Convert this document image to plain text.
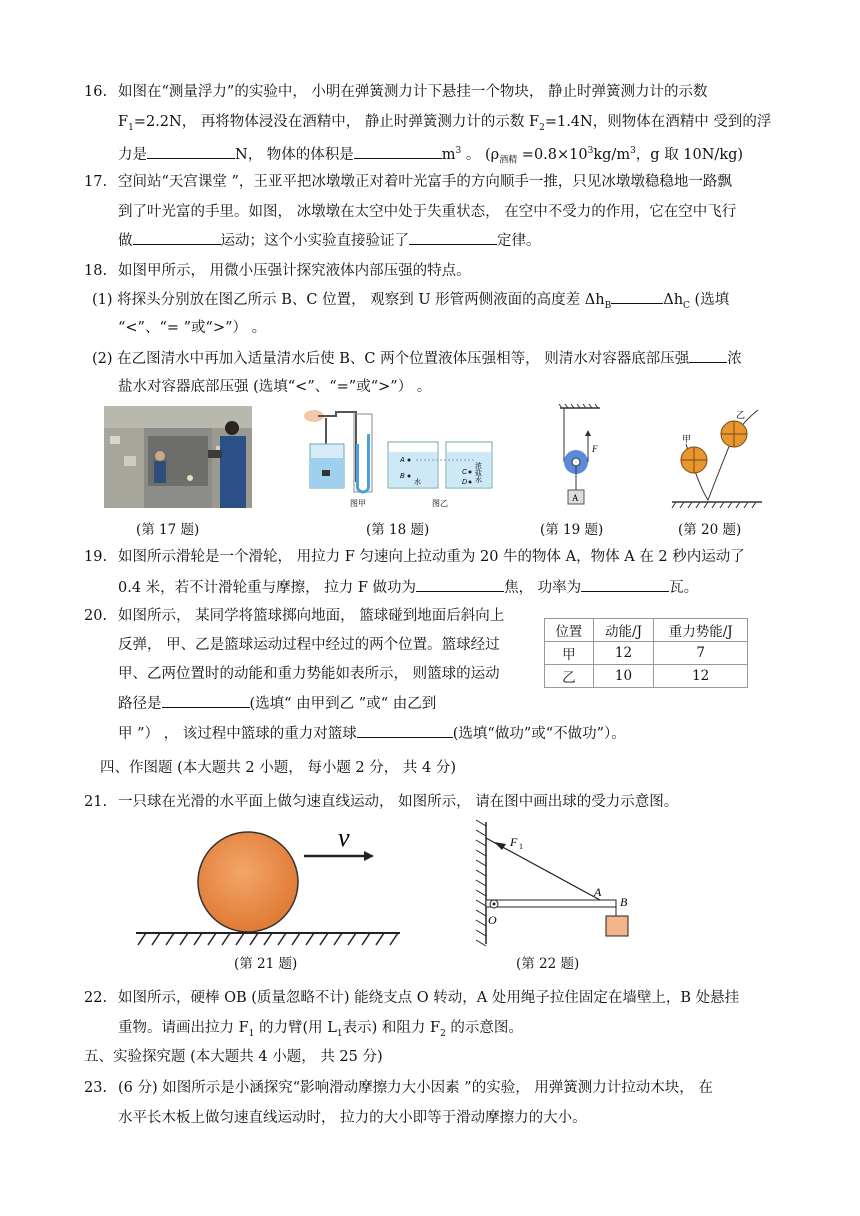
16. 如图在“测量浮力”的实验中， 小明在弹簧测力计下悬挂一个物块， 静止时弹簧测力计的示数
$F_1=2.2N$， 再将物体浸没在酒精中， 静止时弹簧测力计的示数 $F_2=1.4N$，则物体在酒精中 受到的浮
力是	N， 物体的体积是	$m^3$ 。 ($\rho_{酒精} =0.8\times 10^3kg/m^3$，g 取 10N/kg)
17. 空间站“天宫课堂 ”，王亚平把冰墩墩正对着叶光富手的方向顺手一推，只见冰墩墩稳稳地一路飘
到了叶光富的手里。如图， 冰墩墩在太空中处于失重状态， 在空中不受力的作用，它在空中飞行
做	运动；这个小实验直接验证了	定律。
18. 如图甲所示， 用微小压强计探究液体内部压强的特点。
(1) 将探头分别放在图乙所示 B、C 位置， 观察到 U 形管两侧液面的高度差 $\Delta h_B$	$\Delta h_C$ (选填
“<”、“= ”或“>”） 。
(2) 在乙图清水中再加入适量清水后使 B、C 两个位置液体压强相等， 则清水对容器底部压强	浓
盐水对容器底部压强 (选填“<”、“=”或“>”） 。
图甲
A
B
水
C
D 浓盐水
图乙
F
A
甲
乙
(第 17 题)	(第 18 题)	(第 19 题)	(第 20 题)
19. 如图所示滑轮是一个滑轮， 用拉力 F 匀速向上拉动重为 20 牛的物体 A，物体 A 在 2 秒内运动了
0.4 米，若不计滑轮重与摩擦， 拉力 F 做功为	焦， 功率为	瓦。
20. 如图所示， 某同学将篮球掷向地面， 篮球碰到地面后斜向上
反弹， 甲、乙是篮球运动过程中经过的两个位置。篮球经过
甲、乙两位置时的动能和重力势能如表所示， 则篮球的运动
路径是	(选填“ 由甲到乙 ”或“ 由乙到
甲 ”） ， 该过程中篮球的重力对篮球	(选填“做功”或“不做功”）。
位置	动能/J	重力势能/J
甲	12	7
乙	10	12
四、作图题 (本大题共 2 小题， 每小题 2 分， 共 4 分)
21. 一只球在光滑的水平面上做匀速直线运动， 如图所示， 请在图中画出球的受力示意图。
v	F 1
A
B
O
(第 21 题)	(第 22 题)
22. 如图所示，硬棒 OB (质量忽略不计) 能绕支点 O 转动，A 处用绳子拉住固定在墙壁上，B 处悬挂
重物。请画出拉力 $F_1$ 的力臂(用 $L_1$表示) 和阻力 $F_2$ 的示意图。
五、实验探究题 (本大题共 4 小题， 共 25 分)
23. (6 分) 如图所示是小涵探究“影响滑动摩擦力大小因素 ”的实验， 用弹簧测力计拉动木块， 在
水平长木板上做匀速直线运动时， 拉力的大小即等于滑动摩擦力的大小。
